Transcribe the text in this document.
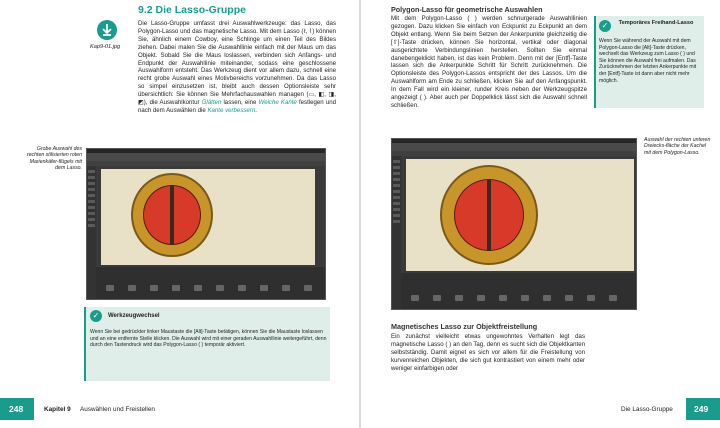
9.2 Die Lasso-Gruppe
Kap9-01.jpg
Die Lasso-Gruppe umfasst drei Auswahlwerkzeuge: das Lasso, das Polygon-Lasso und das magnetische Lasso. Mit dem Lasso (ℓ, ⌇) können Sie, ähnlich einem Cowboy, eine Schlinge um einen Teil des Bildes ziehen. Dabei malen Sie die Auswahllinie einfach mit der Maus um das Objekt. Sobald Sie die Maus loslassen, verbinden sich Anfangs- und Endpunkt der Auswahllinie miteinander, sodass eine geschlossene Auswahlform entsteht. Das Werkzeug dient vor allem dazu, schnell eine recht grobe Auswahl eines Motivbereichs vorzunehmen. Da das Lasso so simpel einzusetzen ist, bleibt auch dessen Optionsleiste sehr übersichtlich: Sie können Sie Mehrfachauswahlen managen (▭, ◧, ◨, ◩), die Auswahlkontur Glätten lassen, eine Weiche Kante festlegen und nach dem Auswählen die Kante verbessern.
Grobe Auswahl des rechten stilisierten roten Marienkäfer-flügels mit dem Lasso.
✓	Werkzeugwechsel
Wenn Sie bei gedrückter linker Maustaste die [Alt]-Taste betätigen, können Sie die Maustaste loslassen und an eine entfernte Stelle klicken. Die Auswahl wird mit einer geraden Auswahllinie weitergeführt, denn durch den Tastendruck wird das Polygon-Lasso ( ) temporär aktiviert.
248	Kapitel 9 Auswählen und Freistellen
Polygon-Lasso für geometrische Auswahlen
Mit dem Polygon-Lasso ( ) werden schnurgerade Auswahllinien gezogen. Dazu klicken Sie einfach von Eckpunkt zu Eckpunkt an dem Objekt entlang. Wenn Sie beim Setzen der Ankerpunkte gleichzeitig die [⇧]-Taste drücken, können Sie horizontal, vertikal oder diagonal ausgerichtete Verbindungslinien herstellen. Sollten Sie einmal danebengeklickt haben, ist das kein Problem. Denn mit der [Entf]-Taste lassen sich die Ankerpunkte Schritt für Schritt zurücknehmen. Die Optionsleiste des Polygon-Lassos entspricht der des Lassos. Um die Auswahlform am Ende zu schließen, klicken Sie auf den Anfangspunkt. In dem Fall wird ein kleiner, runder Kreis neben der Werkzeugspitze angezeigt ( ). Aber auch per Doppelklick lässt sich die Auswahl schnell schließen.
✓	Temporäres Freihand-Lasso
Wenn Sie während der Auswahl mit dem Polygon-Lasso die [Alt]-Taste drücken, wechselt das Werkzeug zum Lasso ( ) und Sie können die Auswahl frei aufmalen. Das Zurücknehmen der letzten Ankerpunkte mit der [Entf]-Taste ist dann aber nicht mehr möglich.
Auswahl der rechten unteren Dreiecks-fläche der Kachel mit dem Polygon-Lasso.
Magnetisches Lasso zur Objektfreistellung
Ein zunächst vielleicht etwas ungewohntes Verhalten legt das magnetische Lasso ( ) an den Tag, denn es sucht sich die Objektkanten selbstständig. Damit eignet es sich vor allem für die Freistellung von kurvenreichen Objekten, die sich gut kontrastiert von einem mehr oder weniger einfarbigen oder
Die Lasso-Gruppe 249
